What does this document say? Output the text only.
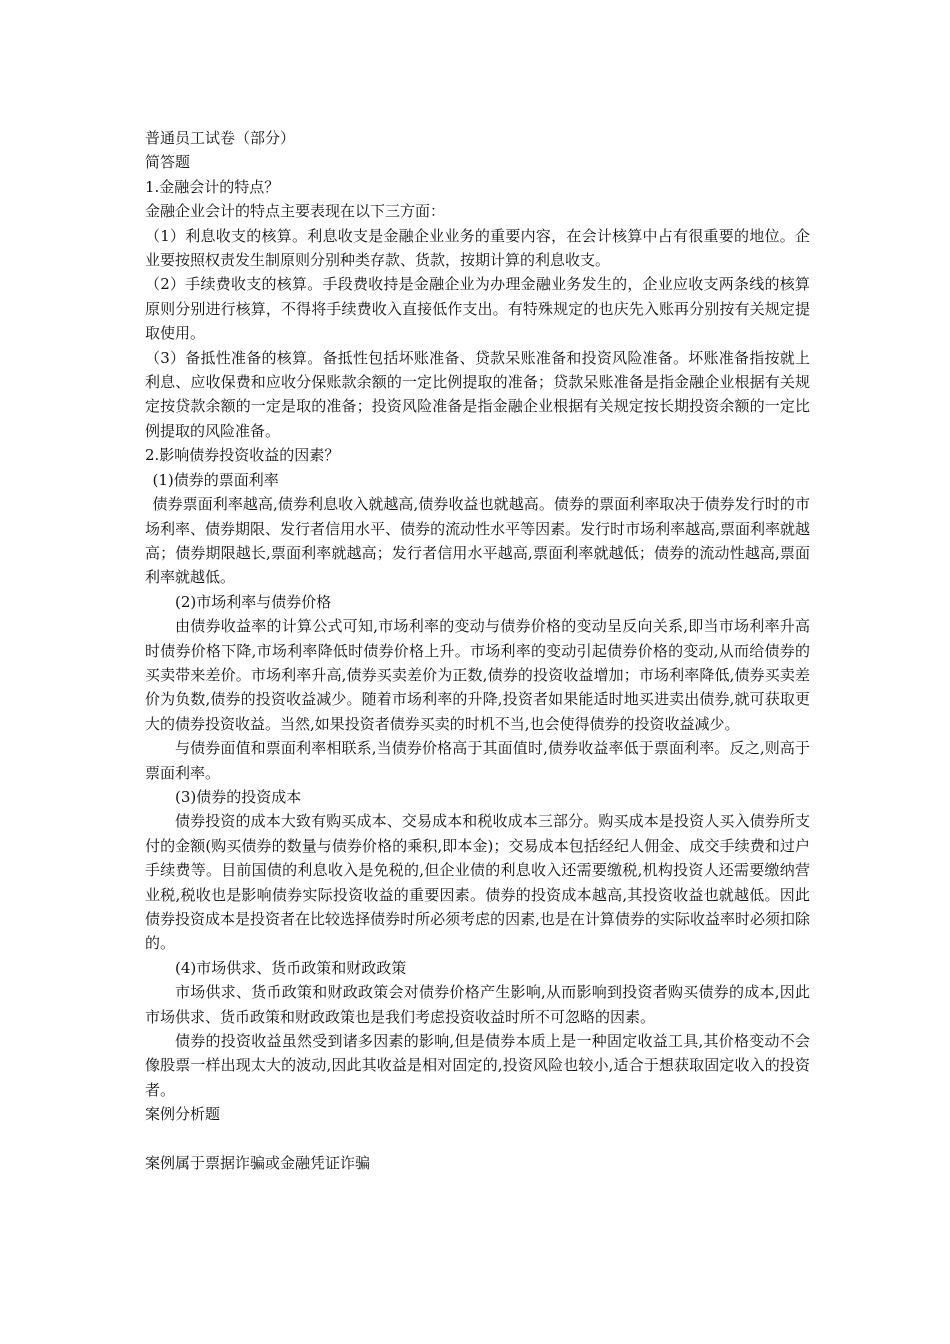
普通员工试卷（部分）

简答题

1.金融会计的特点？

金融企业会计的特点主要表现在以下三方面：

（1）利息收支的核算。利息收支是金融企业业务的重要内容，在会计核算中占有很重要的地位。企业要按照权责发生制原则分别种类存款、货款，按期计算的利息收支。

（2）手续费收支的核算。手段费收持是金融企业为办理金融业务发生的，企业应收支两条线的核算原则分别进行核算，不得将手续费收入直接低作支出。有特殊规定的也庆先入账再分别按有关规定提取使用。

（3）备抵性准备的核算。备抵性包括坏账准备、贷款呆账准备和投资风险准备。坏账准备指按就上利息、应收保费和应收分保账款余额的一定比例提取的准备；贷款呆账准备是指金融企业根据有关规定按贷款余额的一定是取的准备；投资风险准备是指金融企业根据有关规定按长期投资余额的一定比例提取的风险准备。

2.影响债券投资收益的因素？

(1)债券的票面利率

债券票面利率越高,债券利息收入就越高,债券收益也就越高。债券的票面利率取决于债券发行时的市场利率、债券期限、发行者信用水平、债券的流动性水平等因素。发行时市场利率越高,票面利率就越高；债券期限越长,票面利率就越高；发行者信用水平越高,票面利率就越低；债券的流动性越高,票面利率就越低。

(2)市场利率与债券价格

由债券收益率的计算公式可知,市场利率的变动与债券价格的变动呈反向关系,即当市场利率升高时债券价格下降,市场利率降低时债券价格上升。市场利率的变动引起债券价格的变动,从而给债券的买卖带来差价。市场利率升高,债券买卖差价为正数,债券的投资收益增加；市场利率降低,债券买卖差价为负数,债券的投资收益减少。随着市场利率的升降,投资者如果能适时地买进卖出债券,就可获取更大的债券投资收益。当然,如果投资者债券买卖的时机不当,也会使得债券的投资收益减少。

与债券面值和票面利率相联系,当债券价格高于其面值时,债券收益率低于票面利率。反之,则高于票面利率。

(3)债券的投资成本

债券投资的成本大致有购买成本、交易成本和税收成本三部分。购买成本是投资人买入债券所支付的金额(购买债券的数量与债券价格的乘积,即本金)；交易成本包括经纪人佣金、成交手续费和过户手续费等。目前国债的利息收入是免税的,但企业债的利息收入还需要缴税,机构投资人还需要缴纳营业税,税收也是影响债券实际投资收益的重要因素。债券的投资成本越高,其投资收益也就越低。因此债券投资成本是投资者在比较选择债券时所必须考虑的因素,也是在计算债券的实际收益率时必须扣除的。

(4)市场供求、货币政策和财政政策

市场供求、货币政策和财政政策会对债券价格产生影响,从而影响到投资者购买债券的成本,因此市场供求、货币政策和财政政策也是我们考虑投资收益时所不可忽略的因素。

债券的投资收益虽然受到诸多因素的影响,但是债券本质上是一种固定收益工具,其价格变动不会像股票一样出现太大的波动,因此其收益是相对固定的,投资风险也较小,适合于想获取固定收入的投资者。

案例分析题

案例属于票据诈骗或金融凭证诈骗
